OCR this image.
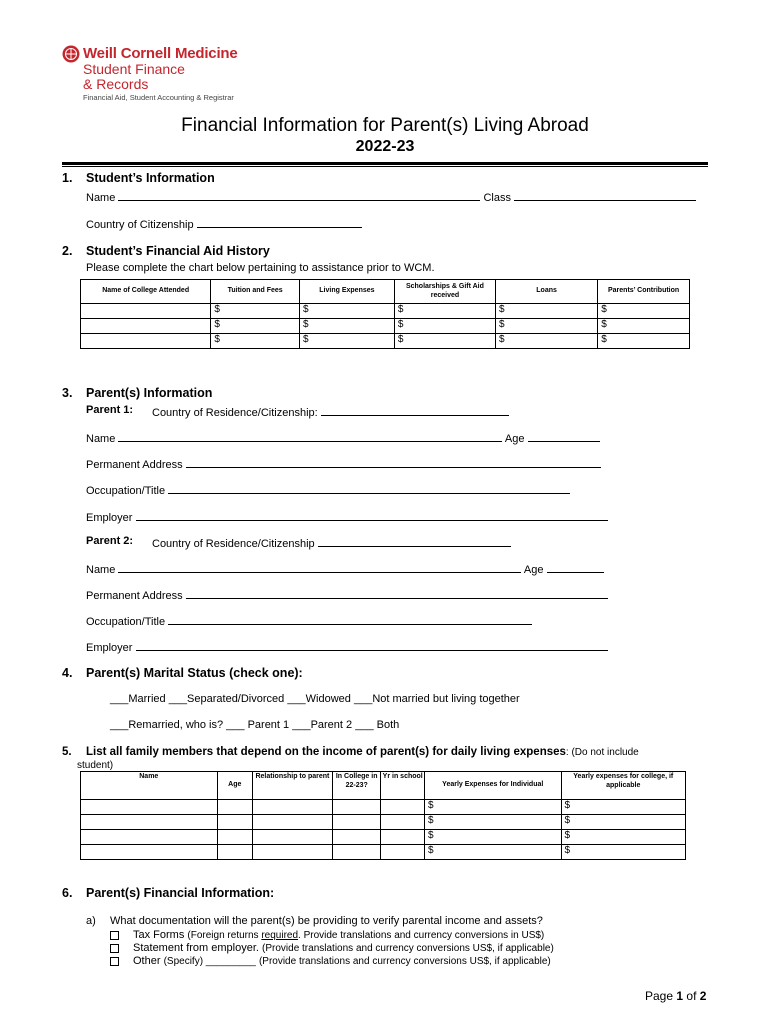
Weill Cornell Medicine
Student Finance
& Records
Financial Aid, Student Accounting & Registrar
Financial Information for Parent(s) Living Abroad
2022-23
1. Student’s Information
Name	Class
Country of Citizenship
2. Student’s Financial Aid History
Please complete the chart below pertaining to assistance prior to WCM.
Name of College Attended	Tuition and Fees	Living Expenses	Scholarships & Gift Aid received	Loans	Parents’ Contribution
	$	$	$	$	$
	$	$	$	$	$
	$	$	$	$	$
3. Parent(s) Information
Parent 1: Country of Residence/Citizenship:
Name	Age
Permanent Address
Occupation/Title
Employer
Parent 2: Country of Residence/Citizenship
Name	Age
Permanent Address
Occupation/Title
Employer
4. Parent(s) Marital Status (check one):
___Married ___Separated/Divorced ___Widowed ___Not married but living together
___Remarried, who is? ___ Parent 1 ___Parent 2 ___ Both
5. List all family members that depend on the income of parent(s) for daily living expenses: (Do not include
student)
Name	Age	Relationship to parent	In College in 22-23?	Yr in school	Yearly Expenses for Individual	Yearly expenses for college, if applicable
					$	$
					$	$
					$	$
					$	$
6. Parent(s) Financial Information:
a) What documentation will the parent(s) be providing to verify parental income and assets?
Tax Forms (Foreign returns required. Provide translations and currency conversions in US$)
Statement from employer. (Provide translations and currency conversions US$, if applicable)
Other (Specify) _________ (Provide translations and currency conversions US$, if applicable)
Page 1 of 2
